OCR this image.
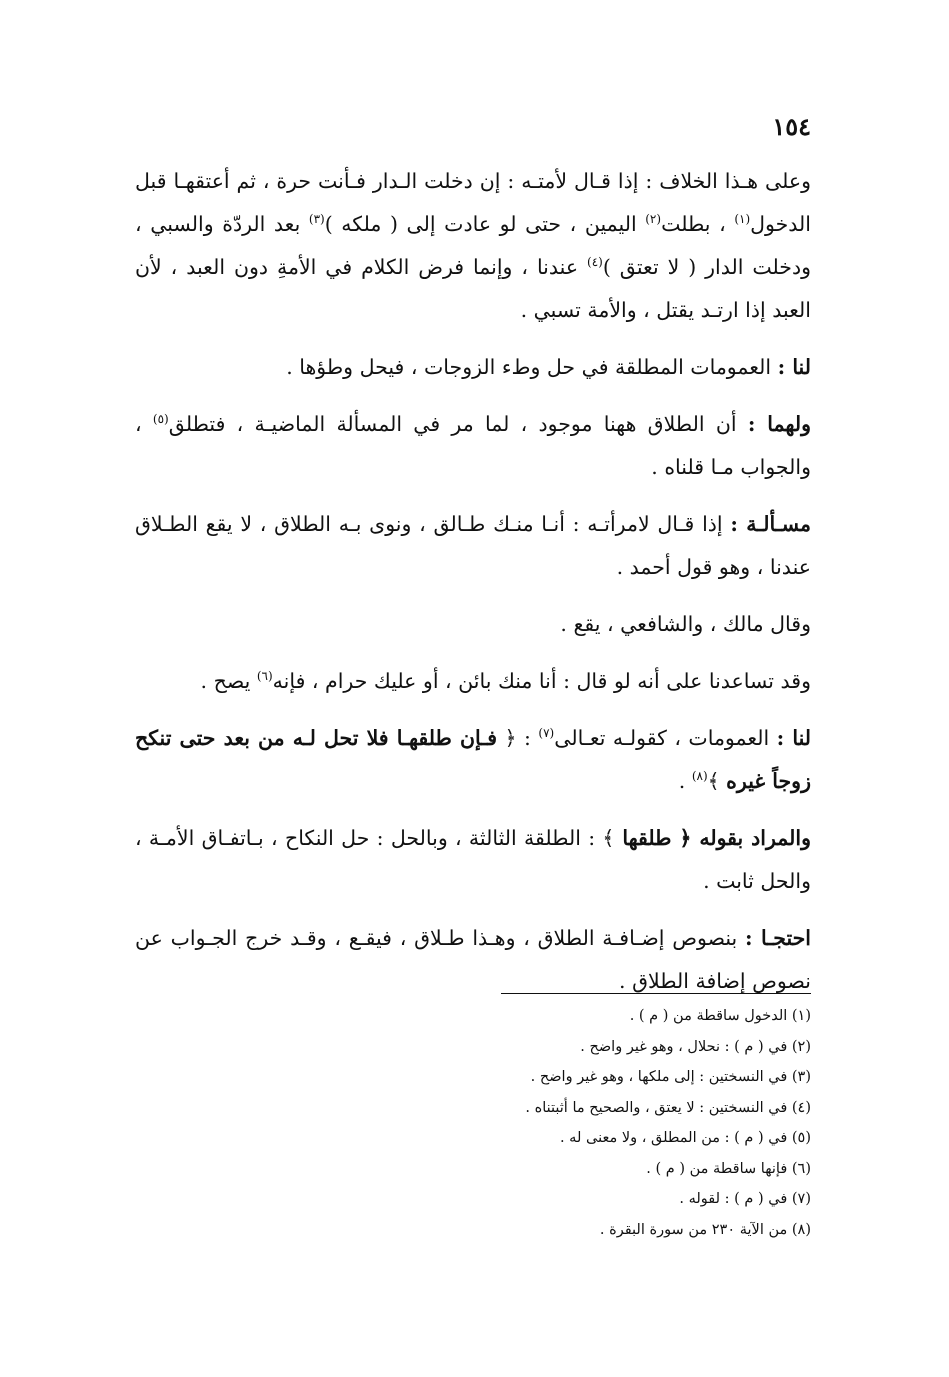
١٥٤

وعلى هـذا الخلاف : إذا قـال لأمتـه : إن دخلت الـدار فـأنت حرة ، ثم أعتقهـا قبل الدخول$^{(١)}$ ، بطلت$^{(٢)}$ اليمين ، حتى لو عادت إلى ( ملكه )$^{(٣)}$ بعد الردّة والسبي ، ودخلت الدار ( لا تعتق )$^{(٤)}$ عندنا ، وإنما فرض الكلام في الأمةِ دون العبد ، لأن العبد إذا ارتـد يقتل ، والأمة تسبي .

لنا : العمومات المطلقة في حل وطء الزوجات ، فيحل وطؤها .

ولهما : أن الطلاق ههنا موجود ، لما مر في المسألة الماضيـة ، فتطلق$^{(٥)}$ ، والجواب مـا قلناه .

مسـألـة : إذا قـال لامرأتـه : أنـا منـك طـالق ، ونوى بـه الطلاق ، لا يقع الطـلاق عندنا ، وهو قول أحمد .

وقال مالك ، والشافعي ، يقع .

وقد تساعدنا على أنه لو قال : أنا منك بائن ، أو عليك حرام ، فإنه$^{(٦)}$ يصح .

لنا : العمومات ، كقولـه تعـالى$^{(٧)}$ : ﴿ فـإن طلقهـا فلا تحل لـه من بعد حتى تنكح زوجاً غيره ﴾$^{(٨)}$ .

والمراد بقوله ﴿ طلقها ﴾ : الطلقة الثالثة ، وبالحل : حل النكاح ، بـاتفـاق الأمـة ، والحل ثابت .

احتجـا : بنصوص إضـافـة الطلاق ، وهـذا طـلاق ، فيقـع ، وقـد خرج الجـواب عن نصوص إضافة الطلاق .

(١) الدخول ساقطة من ( م ) .
(٢) في ( م ) : نحلال ، وهو غير واضح .
(٣) في النسختين : إلى ملكها ، وهو غير واضح .
(٤) في النسختين : لا يعتق ، والصحيح ما أثبتناه .
(٥) في ( م ) : من المطلق ، ولا معنى له .
(٦) فإنها ساقطة من ( م ) .
(٧) في ( م ) : لقوله .
(٨) من الآية ٢٣٠ من سورة البقرة .
